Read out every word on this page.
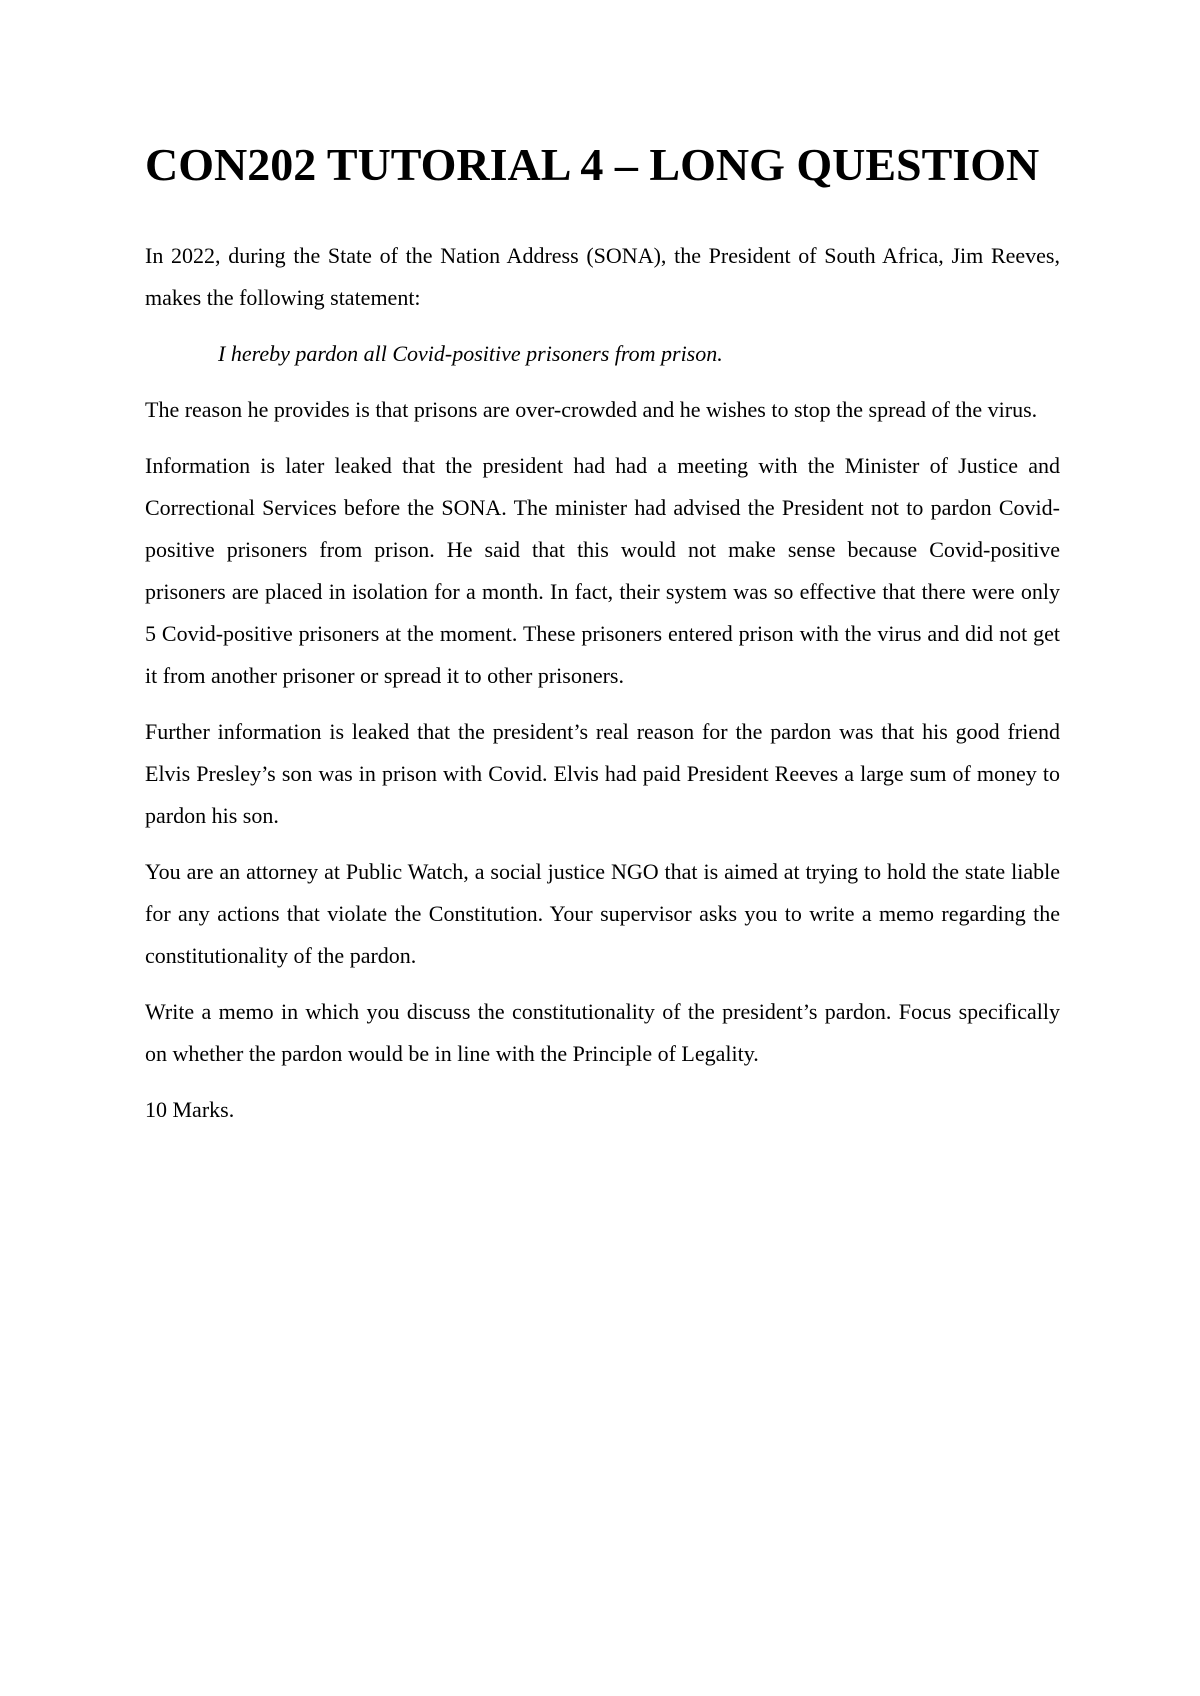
CON202 TUTORIAL 4 – LONG QUESTION

In 2022, during the State of the Nation Address (SONA), the President of South Africa, Jim Reeves, makes the following statement:

I hereby pardon all Covid-positive prisoners from prison.

The reason he provides is that prisons are over-crowded and he wishes to stop the spread of the virus.

Information is later leaked that the president had had a meeting with the Minister of Justice and Correctional Services before the SONA. The minister had advised the President not to pardon Covid-positive prisoners from prison. He said that this would not make sense because Covid-positive prisoners are placed in isolation for a month. In fact, their system was so effective that there were only 5 Covid-positive prisoners at the moment. These prisoners entered prison with the virus and did not get it from another prisoner or spread it to other prisoners.

Further information is leaked that the president’s real reason for the pardon was that his good friend Elvis Presley’s son was in prison with Covid. Elvis had paid President Reeves a large sum of money to pardon his son.

You are an attorney at Public Watch, a social justice NGO that is aimed at trying to hold the state liable for any actions that violate the Constitution. Your supervisor asks you to write a memo regarding the constitutionality of the pardon.

Write a memo in which you discuss the constitutionality of the president’s pardon. Focus specifically on whether the pardon would be in line with the Principle of Legality.

10 Marks.
